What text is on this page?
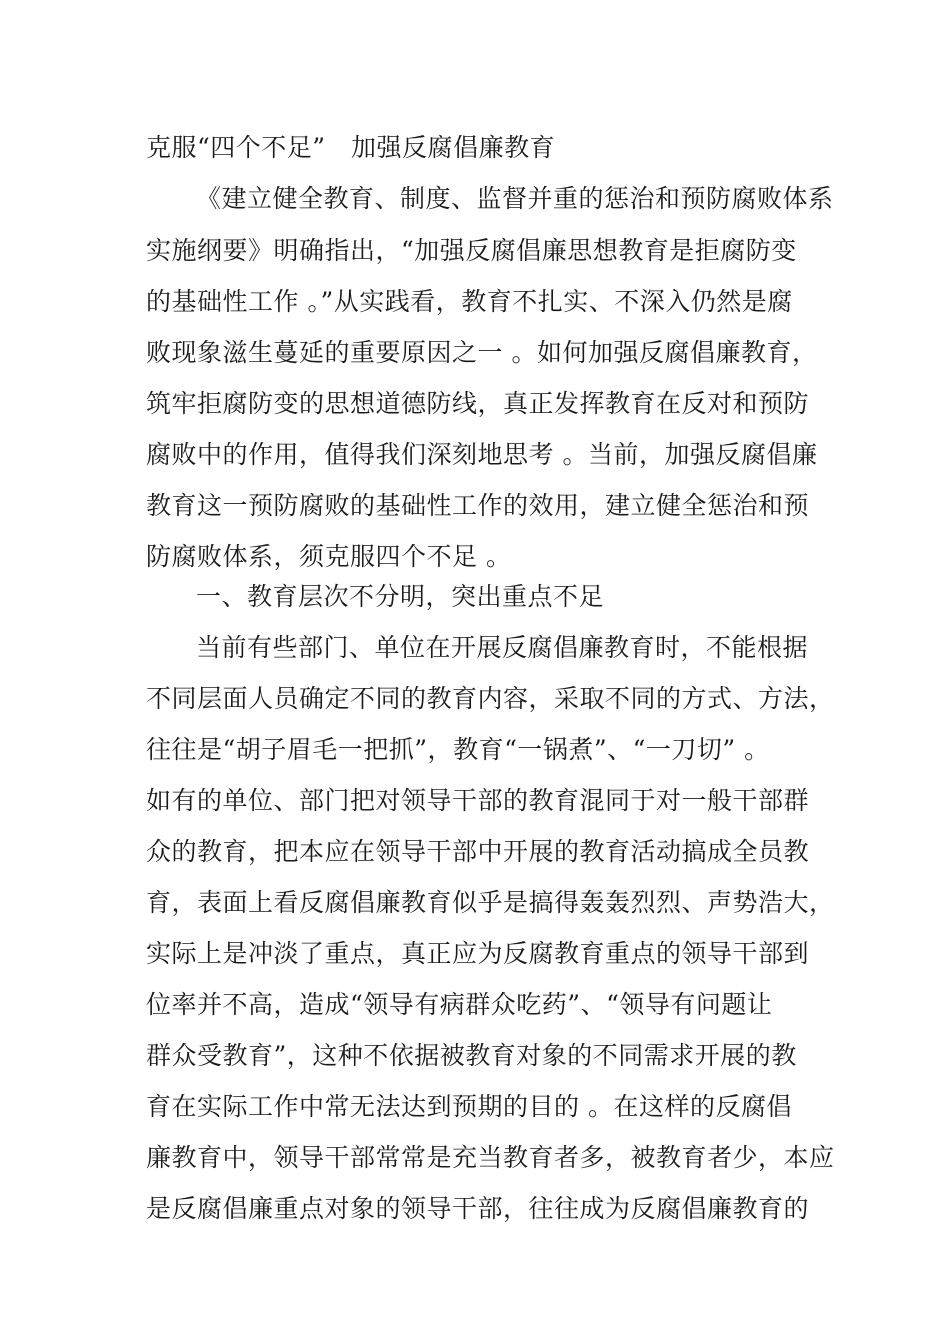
克服“四个不足”　加强反腐倡廉教育
《建立健全教育、制度、监督并重的惩治和预防腐败体系
实施纲要》明确指出，“加强反腐倡廉思想教育是拒腐防变
的基础性工作 。”从实践看，教育不扎实、不深入仍然是腐
败现象滋生蔓延的重要原因之一 。如何加强反腐倡廉教育，
筑牢拒腐防变的思想道德防线，真正发挥教育在反对和预防
腐败中的作用，值得我们深刻地思考 。当前，加强反腐倡廉
教育这一预防腐败的基础性工作的效用，建立健全惩治和预
防腐败体系，须克服四个不足 。
一、教育层次不分明，突出重点不足
当前有些部门、单位在开展反腐倡廉教育时，不能根据
不同层面人员确定不同的教育内容，采取不同的方式、方法，
往往是“胡子眉毛一把抓”，教育“一锅煮”、“一刀切” 。
如有的单位、部门把对领导干部的教育混同于对一般干部群
众的教育，把本应在领导干部中开展的教育活动搞成全员教
育，表面上看反腐倡廉教育似乎是搞得轰轰烈烈、声势浩大，
实际上是冲淡了重点，真正应为反腐教育重点的领导干部到
位率并不高，造成“领导有病群众吃药”、“领导有问题让
群众受教育”，这种不依据被教育对象的不同需求开展的教
育在实际工作中常无法达到预期的目的 。在这样的反腐倡
廉教育中，领导干部常常是充当教育者多，被教育者少，本应
是反腐倡廉重点对象的领导干部，往往成为反腐倡廉教育的
